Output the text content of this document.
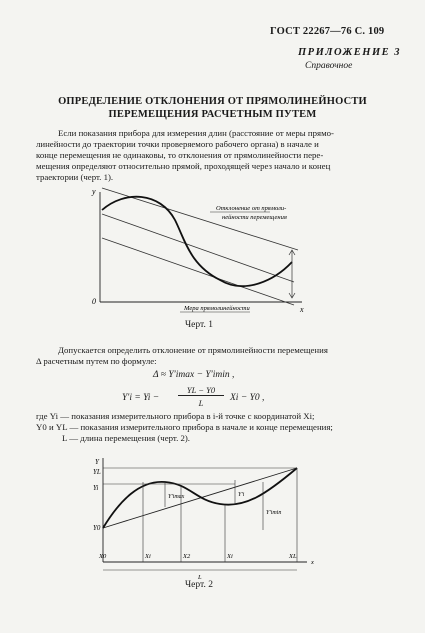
ГОСТ 22267—76 С. 109
ПРИЛОЖЕНИЕ 3
Справочное
ОПРЕДЕЛЕНИЕ ОТКЛОНЕНИЯ ОТ ПРЯМОЛИНЕЙНОСТИ
ПЕРЕМЕЩЕНИЯ РАСЧЕТНЫМ ПУТЕМ
Если показания прибора для измерения длин (расстояние от меры прямо-
линейности до траектории точки проверяемого рабочего органа) в начале и
конце перемещения не одинаковы, то отклонения от прямолинейности пере-
мещения определяют относительно прямой, проходящей через начало и конец
траектории (черт. 1).
y
x
0
Отклонение от прямоли-
нейности перемещения
Мера прямолинейности
Черт. 1
Допускается определить отклонение от прямолинейности перемещения
Δ расчетным путем по формуле:
Δ ≈ Y′imax − Y′imin ,
Y′i = Yi −
YL − Y0
L	Xi − Y0 ,
где Yi — показания измерительного прибора в i-й точке с координатой Xi;
Y0 и YL — показания измерительного прибора в начале и конце перемещения;
L — длина перемещения (черт. 2).
Y
YL
Yi
Y0
Y′imax	Y′i
Y′imin
X0	Xi	X2	Xi	XL
x
L
Черт. 2
